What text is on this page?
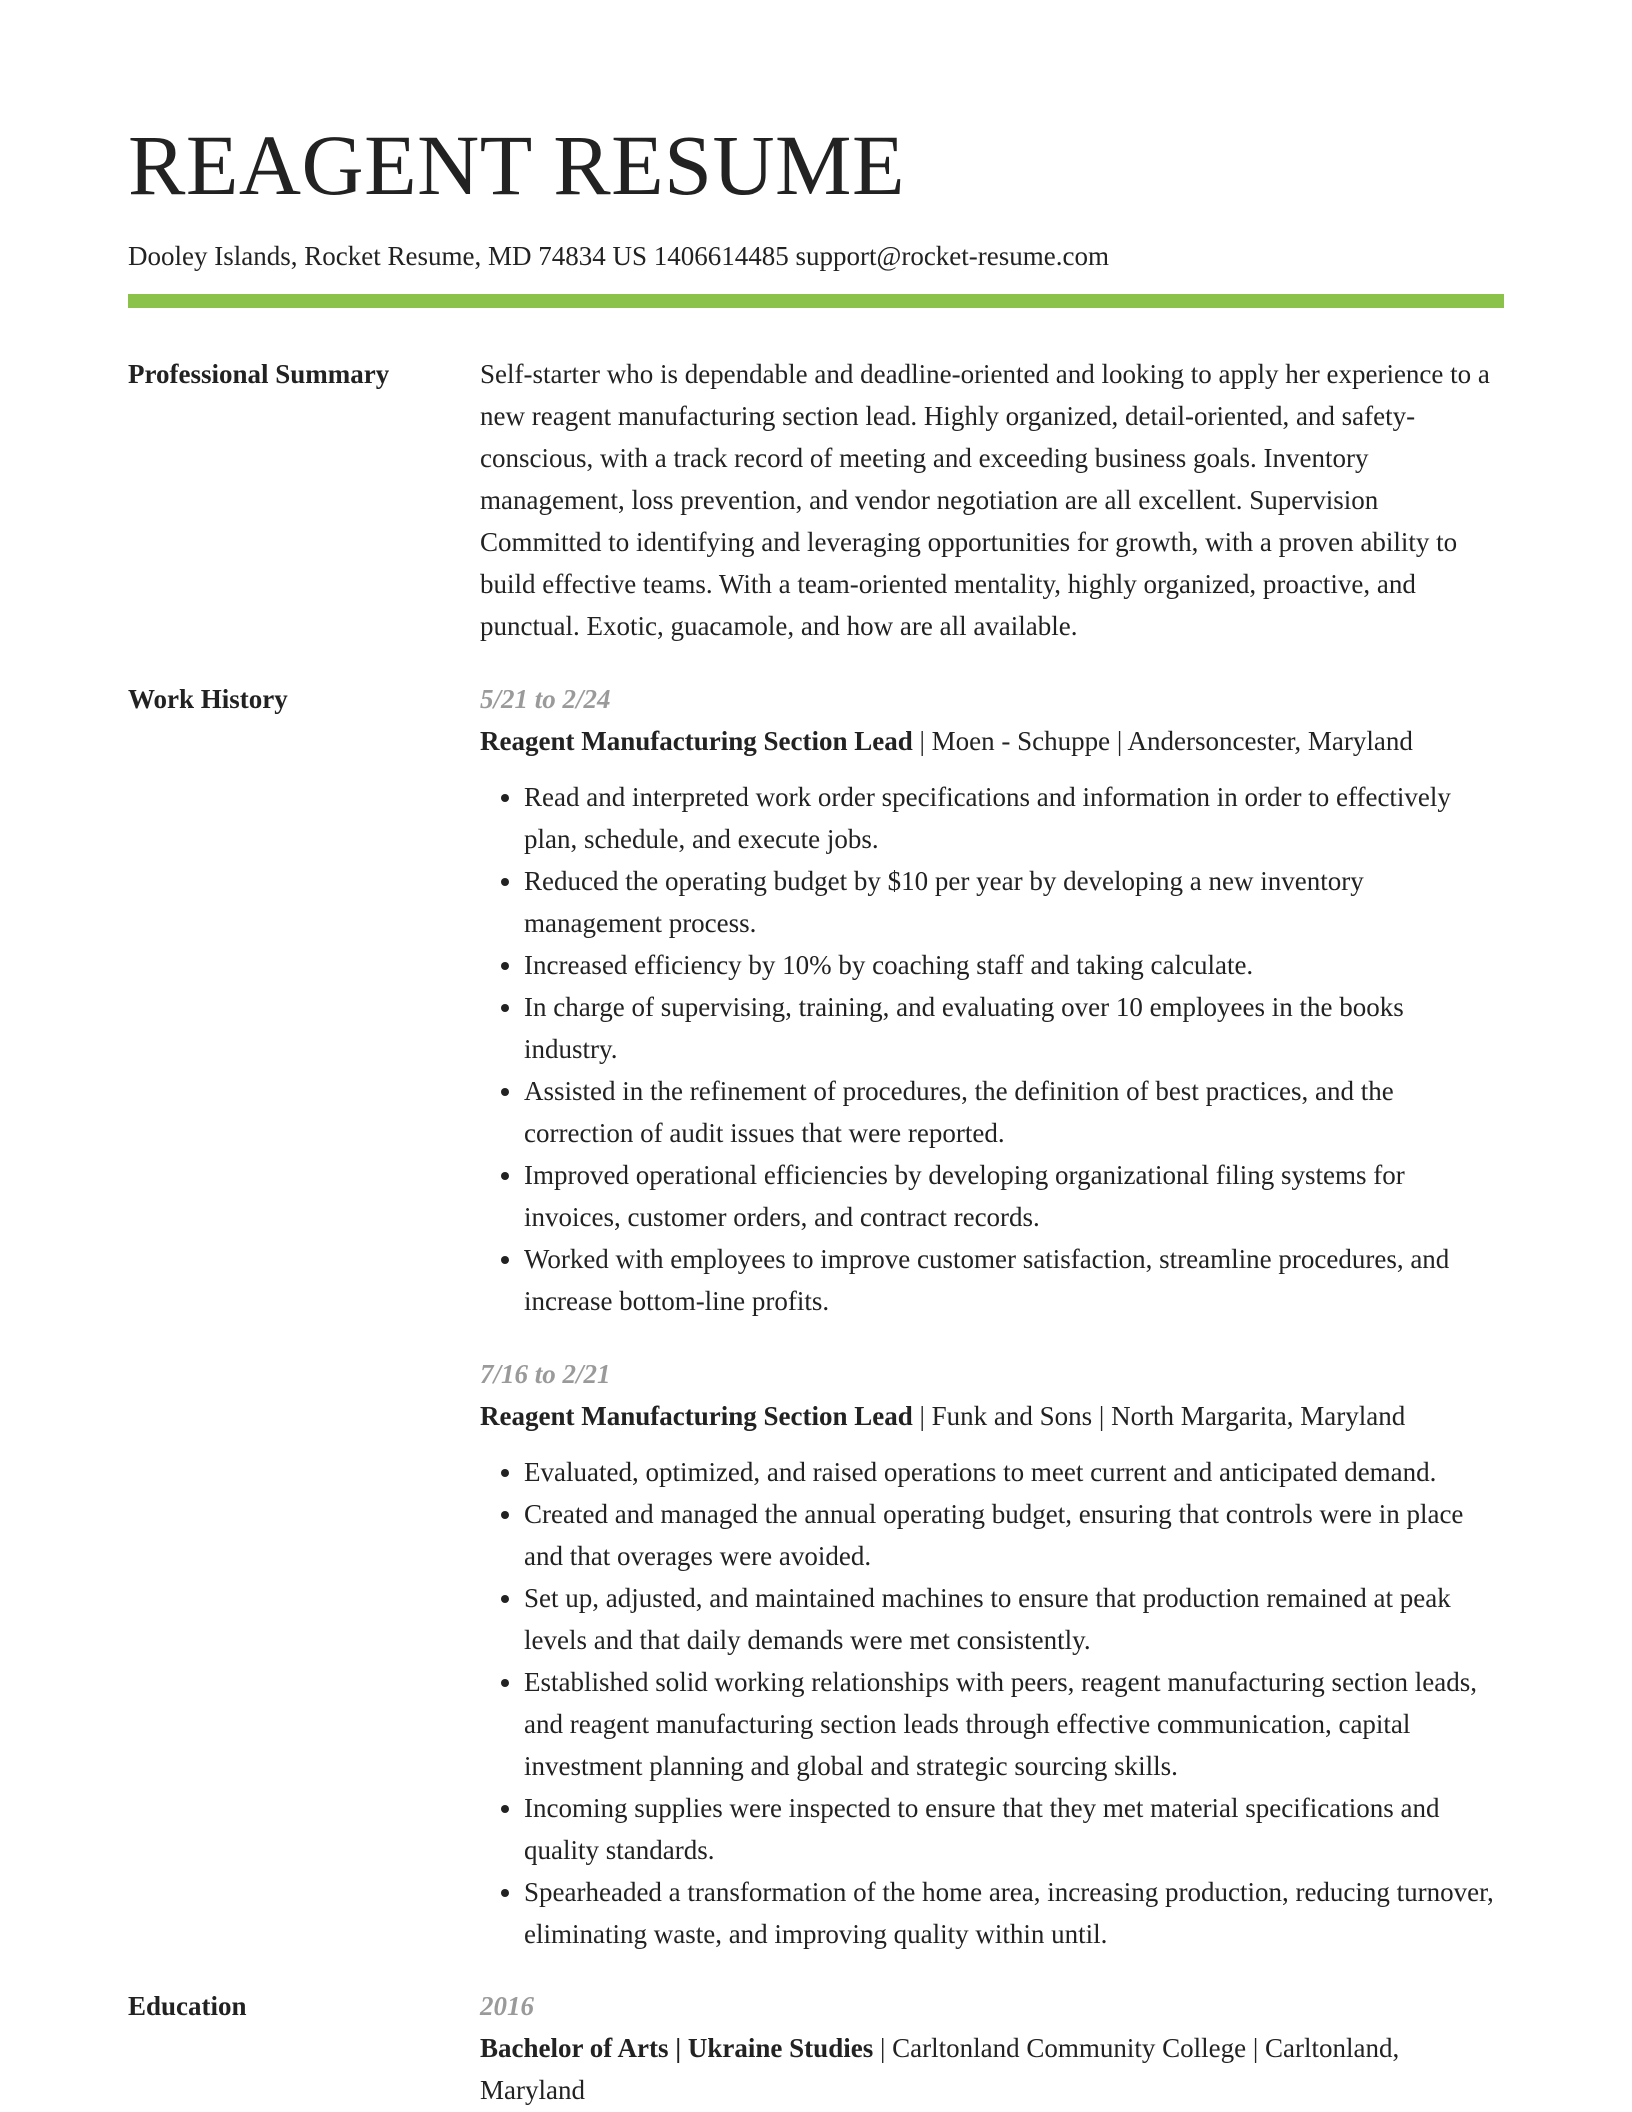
REAGENT RESUME
Dooley Islands, Rocket Resume, MD 74834 US 1406614485 support@rocket-resume.com
Professional Summary	Self-starter who is dependable and deadline-oriented and looking to apply her experience to a new reagent manufacturing section lead. Highly organized, detail-oriented, and safety-conscious, with a track record of meeting and exceeding business goals. Inventory management, loss prevention, and vendor negotiation are all excellent. Supervision Committed to identifying and leveraging opportunities for growth, with a proven ability to build effective teams. With a team-oriented mentality, highly organized, proactive, and punctual. Exotic, guacamole, and how are all available.
Work History	5/21 to 2/24
Reagent Manufacturing Section Lead | Moen - Schuppe | Andersoncester, Maryland
• Read and interpreted work order specifications and information in order to effectively plan, schedule, and execute jobs.
• Reduced the operating budget by $10 per year by developing a new inventory management process.
• Increased efficiency by 10% by coaching staff and taking calculate.
• In charge of supervising, training, and evaluating over 10 employees in the books industry.
• Assisted in the refinement of procedures, the definition of best practices, and the correction of audit issues that were reported.
• Improved operational efficiencies by developing organizational filing systems for invoices, customer orders, and contract records.
• Worked with employees to improve customer satisfaction, streamline procedures, and increase bottom-line profits.
7/16 to 2/21
Reagent Manufacturing Section Lead | Funk and Sons | North Margarita, Maryland
• Evaluated, optimized, and raised operations to meet current and anticipated demand.
• Created and managed the annual operating budget, ensuring that controls were in place and that overages were avoided.
• Set up, adjusted, and maintained machines to ensure that production remained at peak levels and that daily demands were met consistently.
• Established solid working relationships with peers, reagent manufacturing section leads, and reagent manufacturing section leads through effective communication, capital investment planning and global and strategic sourcing skills.
• Incoming supplies were inspected to ensure that they met material specifications and quality standards.
• Spearheaded a transformation of the home area, increasing production, reducing turnover, eliminating waste, and improving quality within until.
Education	2016
Bachelor of Arts | Ukraine Studies | Carltonland Community College | Carltonland, Maryland
